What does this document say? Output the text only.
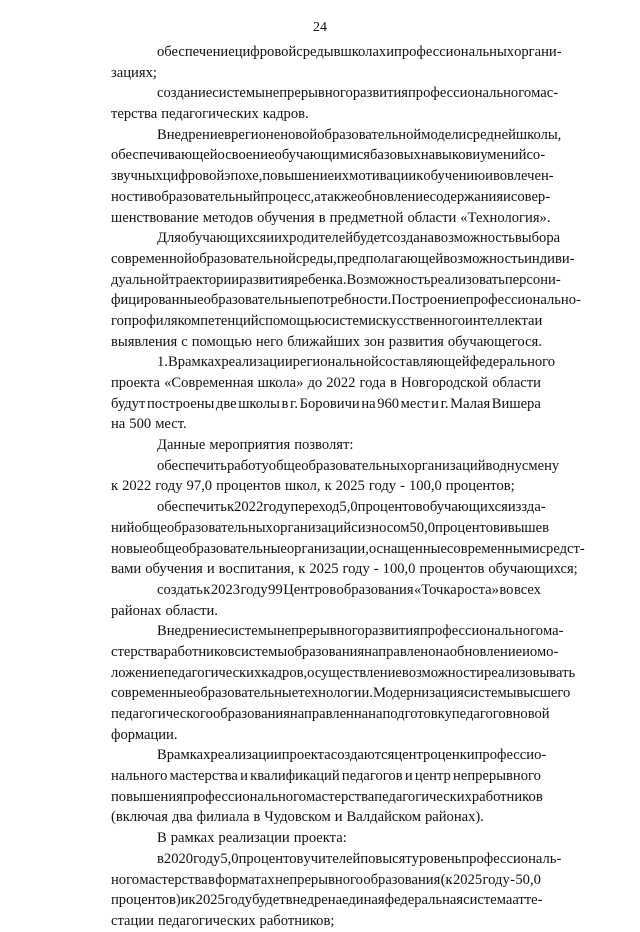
24
обеспечение цифровой среды в школах и профессиональных органи-
зациях;
создание системы непрерывного развития профессионального мас-
терства педагогических кадров.
Внедрение в регионе новой образовательной модели средней школы,
обеспечивающей освоение обучающимися базовых навыков и умений со-
звучных цифровой эпохе, повышение их мотивации к обучению и вовлечен-
ности в образовательный процесс, а также обновление содержания и совер-
шенствование методов обучения в предметной области «Технология».
Для обучающихся и их родителей будет создана возможность выбора
современной образовательной среды, предполагающей возможность индиви-
дуальной траектории развития ребенка. Возможность реализовать персони-
фицированные образовательные потребности. Построение профессионально-
го профиля компетенций с помощью систем искусственного интеллекта и
выявления с помощью него ближайших зон развития обучающегося.
1. В рамках реализации региональной составляющей федерального
проекта «Современная школа» до 2022 года в Новгородской области
будут построены две школы в г. Боровичи на 960 мест и г. Малая Вишера
на 500 мест.
Данные мероприятия позволят:
обеспечить работу общеобразовательных организаций в одну смену
к 2022 году 97,0 процентов школ, к 2025 году - 100,0 процентов;
обеспечить к 2022 году переход 5,0 процентов обучающихся из зда-
ний общеобразовательных организаций с износом 50,0 процентов и выше в
новые общеобразовательные организации, оснащенные современными средст-
вами обучения и воспитания, к 2025 году - 100,0 процентов обучающихся;
создать к 2023 году 99 Центров образования «Точка роста» во всех
районах области.
Внедрение системы непрерывного развития профессионального ма-
стерства работников системы образования направлено на обновление и омо-
ложение педагогических кадров, осуществление возможности реализовывать
современные образовательные технологии. Модернизация системы высшего
педагогического образования направленна на подготовку педагогов новой
формации.
В рамках реализации проекта создаются центр оценки профессио-
нального мастерства и квалификаций педагогов и центр непрерывного
повышения профессионального мастерства педагогических работников
(включая два филиала в Чудовском и Валдайском районах).
В рамках реализации проекта:
в 2020 году 5,0 процентов учителей повысят уровень профессиональ-
ного мастерства в форматах непрерывного образования (к 2025 году - 50,0
процентов) и к 2025 году будет внедрена единая федеральная система атте-
стации педагогических работников;
